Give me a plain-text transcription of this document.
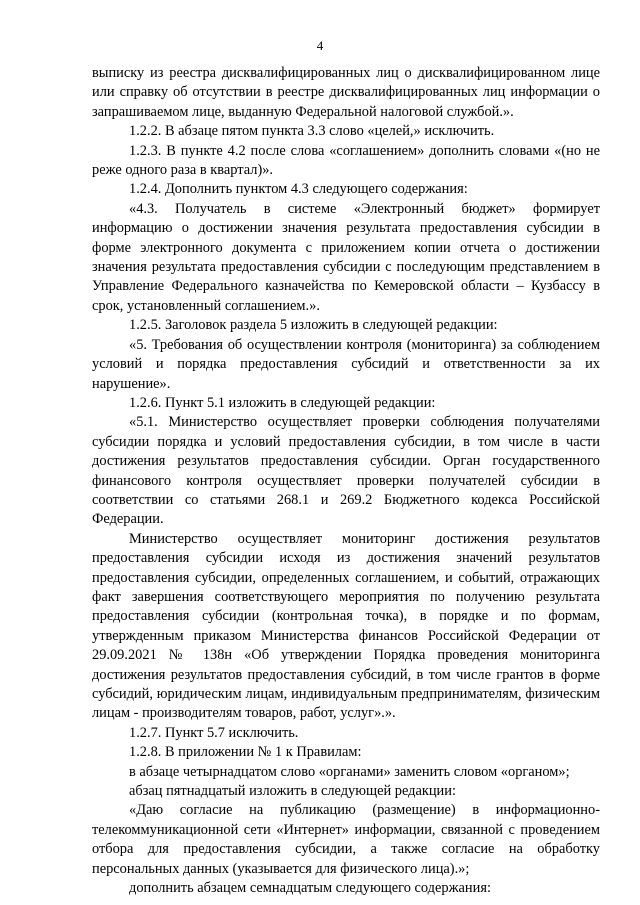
4

выписку из реестра дисквалифицированных лиц о дисквалифицированном лице или справку об отсутствии в реестре дисквалифицированных лиц информации о запрашиваемом лице, выданную Федеральной налоговой службой.».

1.2.2. В абзаце пятом пункта 3.3 слово «целей,» исключить.

1.2.3. В пункте 4.2 после слова «соглашением» дополнить словами «(но не реже одного раза в квартал)».

1.2.4. Дополнить пунктом 4.3 следующего содержания:

«4.3. Получатель в системе «Электронный бюджет» формирует информацию о достижении значения результата предоставления субсидии в форме электронного документа с приложением копии отчета о достижении значения результата предоставления субсидии с последующим представлением в Управление Федерального казначейства по Кемеровской области – Кузбассу в срок, установленный соглашением.».

1.2.5. Заголовок раздела 5 изложить в следующей редакции:

«5. Требования об осуществлении контроля (мониторинга) за соблюдением условий и порядка предоставления субсидий и ответственности за их нарушение».

1.2.6. Пункт 5.1 изложить в следующей редакции:

«5.1. Министерство осуществляет проверки соблюдения получателями субсидии порядка и условий предоставления субсидии, в том числе в части достижения результатов предоставления субсидии. Орган государственного финансового контроля осуществляет проверки получателей субсидии в соответствии со статьями 268.1 и 269.2 Бюджетного кодекса Российской Федерации.

Министерство осуществляет мониторинг достижения результатов предоставления субсидии исходя из достижения значений результатов предоставления субсидии, определенных соглашением, и событий, отражающих факт завершения соответствующего мероприятия по получению результата предоставления субсидии (контрольная точка), в порядке и по формам, утвержденным приказом Министерства финансов Российской Федерации от 29.09.2021 № 138н «Об утверждении Порядка проведения мониторинга достижения результатов предоставления субсидий, в том числе грантов в форме субсидий, юридическим лицам, индивидуальным предпринимателям, физическим лицам - производителям товаров, работ, услуг».».

1.2.7. Пункт 5.7 исключить.

1.2.8. В приложении № 1 к Правилам:

в абзаце четырнадцатом слово «органами» заменить словом «органом»;

абзац пятнадцатый изложить в следующей редакции:

«Даю согласие на публикацию (размещение) в информационно-телекоммуникационной сети «Интернет» информации, связанной с проведением отбора для предоставления субсидии, а также согласие на обработку персональных данных (указывается для физического лица).»;

дополнить абзацем семнадцатым следующего содержания:
